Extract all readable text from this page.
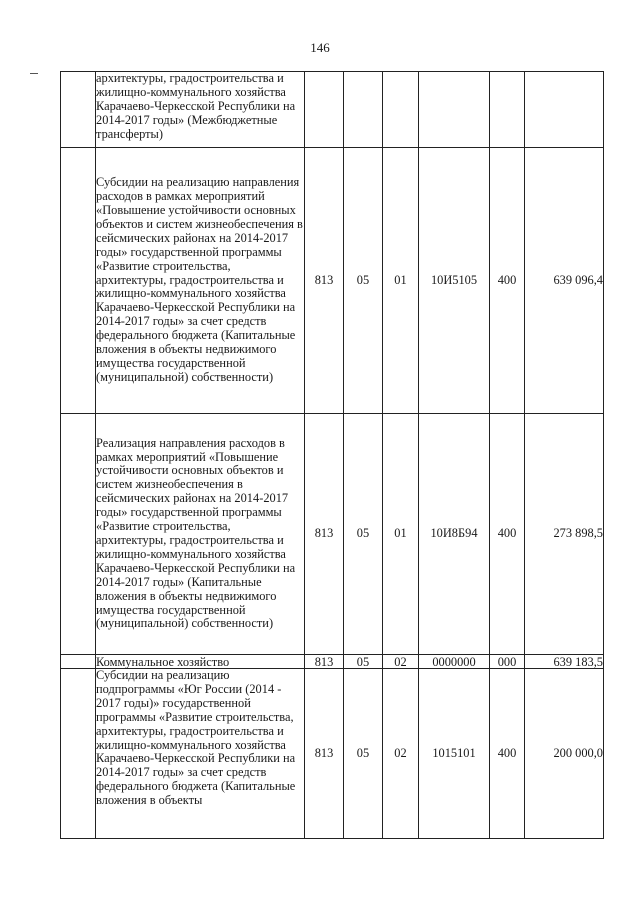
146
	архитектуры, градостроительства и жилищно-коммунального хозяйства Карачаево-Черкесской Республики на 2014-2017 годы» (Межбюджетные трансферты)						
	Субсидии на реализацию направления расходов в рамках мероприятий «Повышение устойчивости основных объектов и систем жизнеобеспечения в сейсмических районах на 2014-2017 годы» государственной программы «Развитие строительства, архитектуры, градостроительства и жилищно-коммунального хозяйства Карачаево-Черкесской Республики на 2014-2017 годы» за счет средств федерального бюджета (Капитальные вложения в объекты недвижимого имущества государственной (муниципальной) собственности)	813	05	01	10И5105	400	639 096,4
	Реализация направления расходов в рамках мероприятий «Повышение устойчивости основных объектов и систем жизнеобеспечения в сейсмических районах на 2014-2017 годы» государственной программы «Развитие строительства, архитектуры, градостроительства и жилищно-коммунального хозяйства Карачаево-Черкесской Республики на 2014-2017 годы» (Капитальные вложения в объекты недвижимого имущества государственной (муниципальной) собственности)	813	05	01	10И8Б94	400	273 898,5
	Коммунальное хозяйство	813	05	02	0000000	000	639 183,5
	Субсидии на реализацию подпрограммы «Юг России (2014 - 2017 годы)» государственной программы «Развитие строительства, архитектуры, градостроительства и жилищно-коммунального хозяйства Карачаево-Черкесской Республики на 2014-2017 годы» за счет средств федерального бюджета (Капитальные вложения в объекты	813	05	02	1015101	400	200 000,0
